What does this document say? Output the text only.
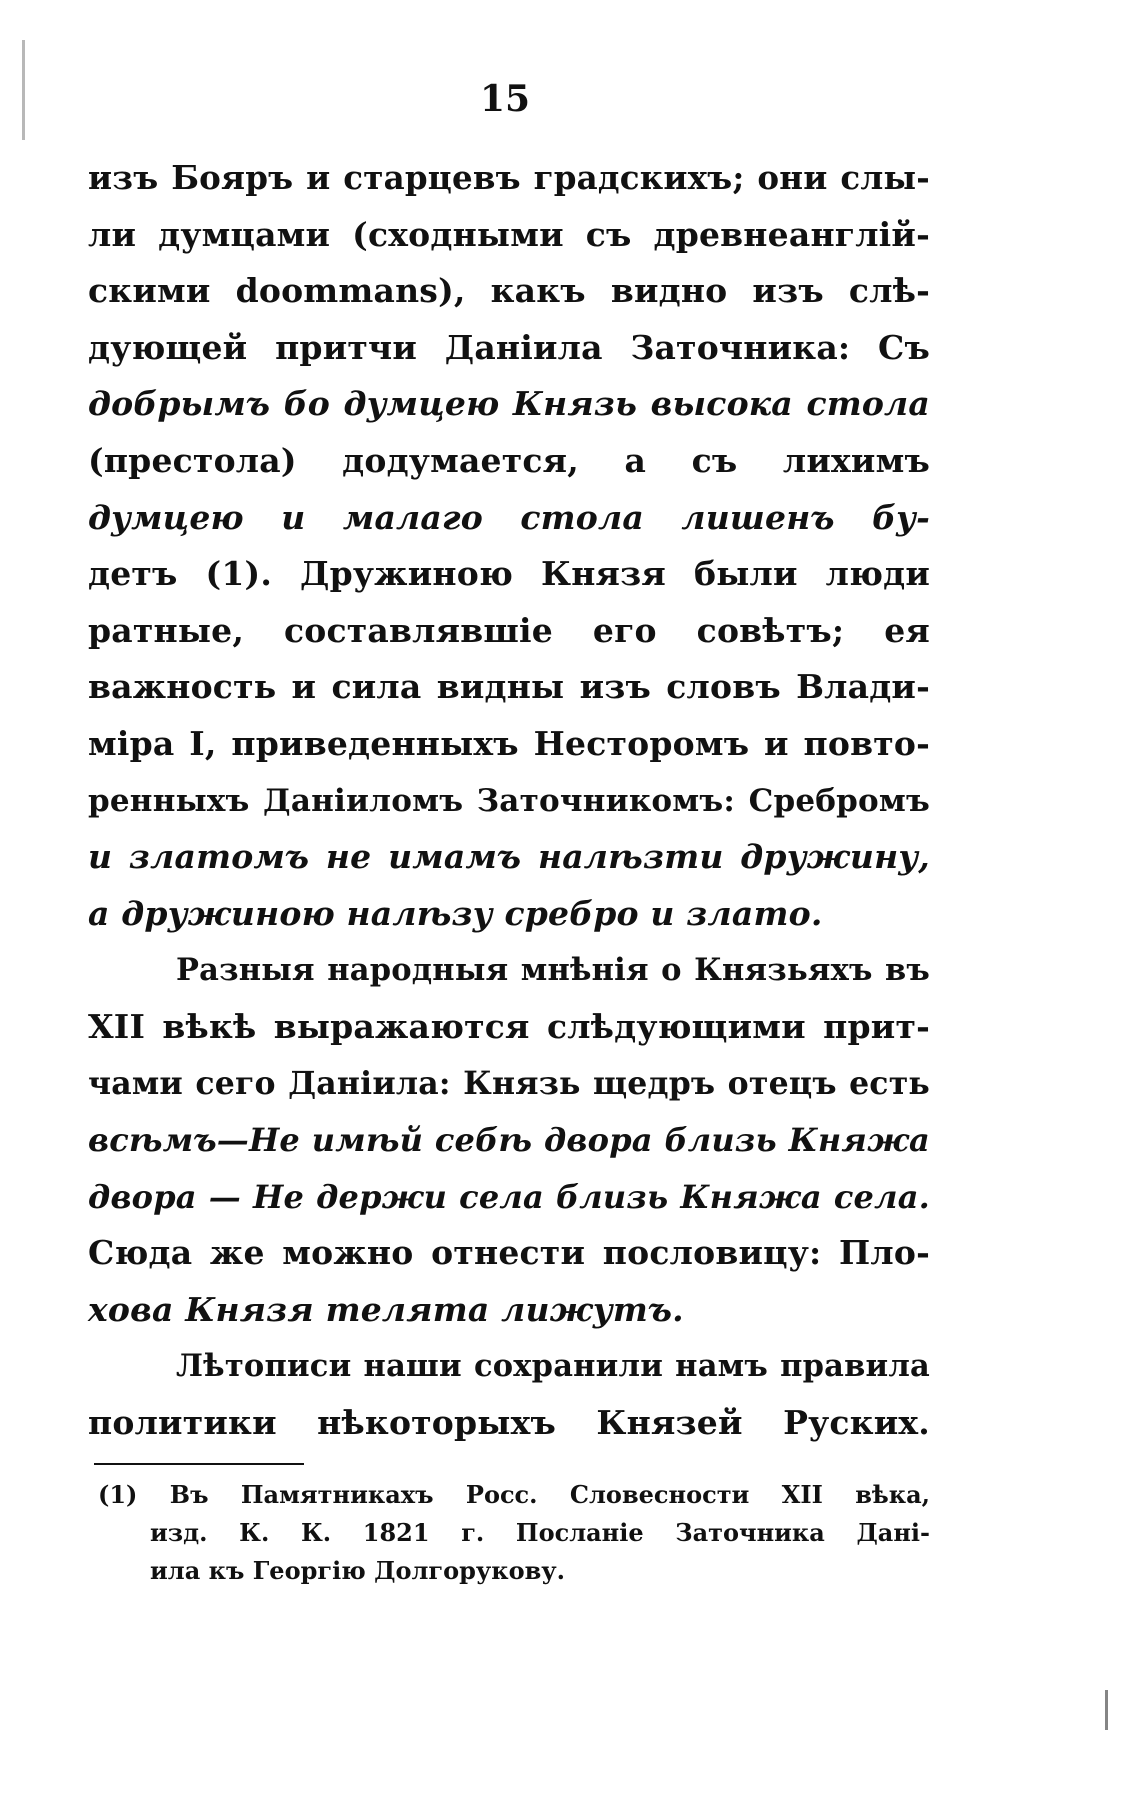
15
изъ Бояръ и старцевъ градскихъ; они слы-
ли думцами (сходными съ древнеанглій-
скими doommans), какъ видно изъ слѣ-
дующей притчи Даніила Заточника: Съ
добрымъ бо думцею Князь высока стола
(престола) додумается, а съ лихимъ
думцею и малаго стола лишенъ бу-
детъ (1). Дружиною Князя были люди
ратные, составлявшіе его совѣтъ; ея
важность и сила видны изъ словъ Влади-
міра I, приведенныхъ Несторомъ и повто-
ренныхъ Даніиломъ Заточникомъ: Сребромъ
и златомъ не имамъ налѣзти дружину,
а дружиною налѣзу сребро и злато.
Разныя народныя мнѣнія о Князьяхъ въ
XII вѣкѣ выражаются слѣдующими прит-
чами сего Даніила: Князь щедръ отецъ есть
всѣмъ—Не имѣй себѣ двора близь Княжа
двора — Не держи села близь Княжа села.
Сюда же можно отнести пословицу: Пло-
хова Князя телята лижутъ.
Лѣтописи наши сохранили намъ правила
политики нѣкоторыхъ Князей Руских.
(1) Въ Памятникахъ Росс. Словесности XII вѣка,
изд. К. К. 1821 г. Посланіе Заточника Дані-
ила къ Георгію Долгорукову.
